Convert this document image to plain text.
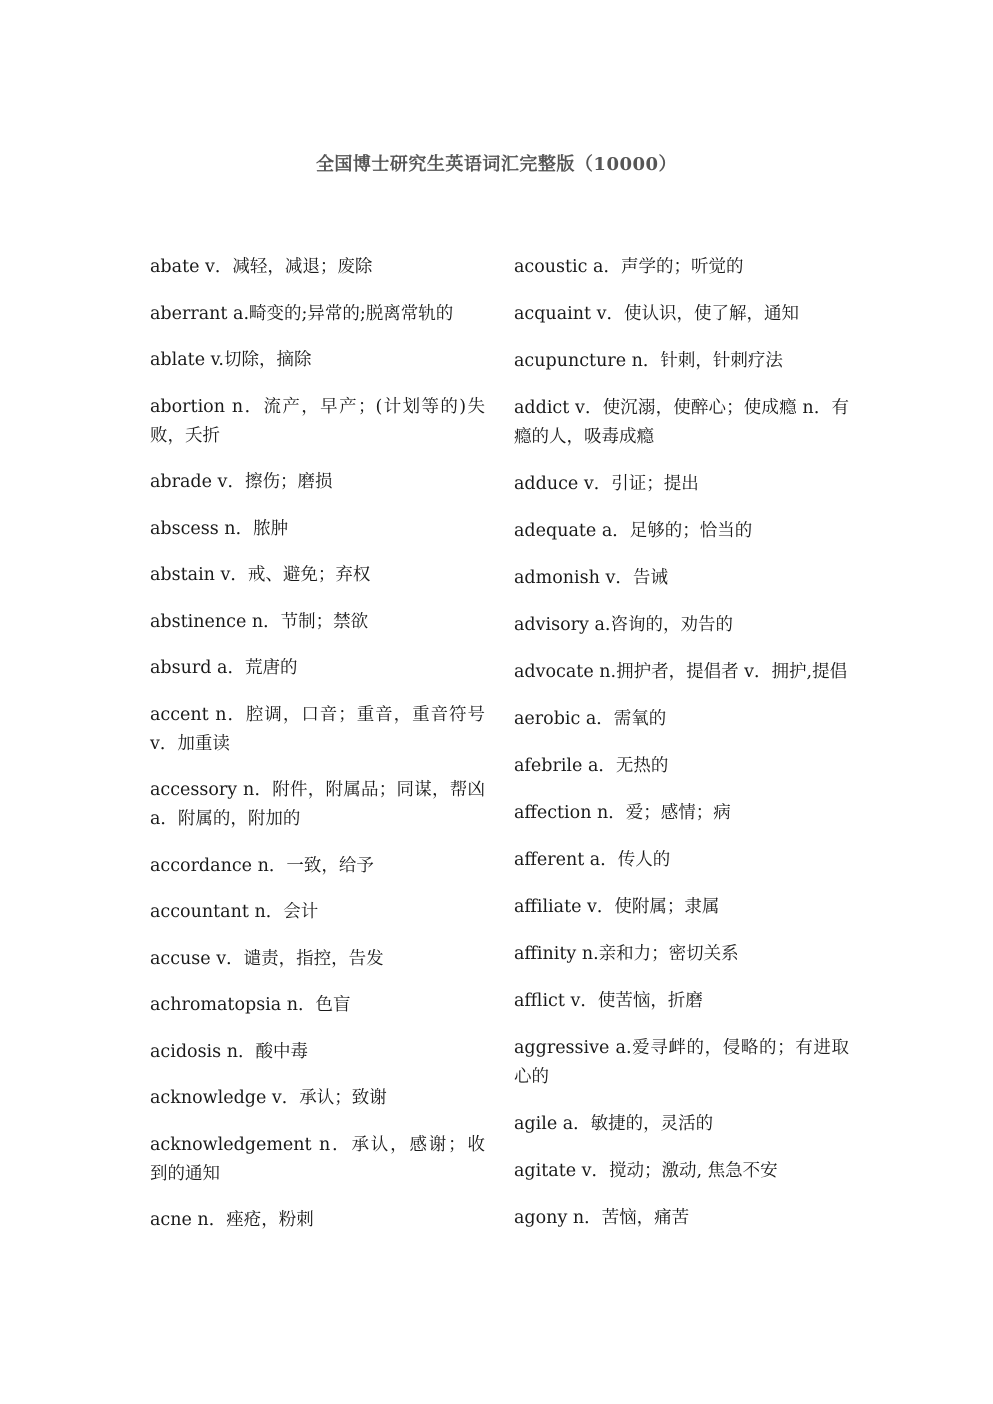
全国博士研究生英语词汇完整版（10000）

abate v．减轻，减退；废除

aberrant a.畸变的;异常的;脱离常轨的

ablate v.切除，摘除

abortion n．流产，早产；(计划等的)失败，夭折

abrade v．擦伤；磨损

abscess n．脓肿

abstain v．戒、避免；弃权

abstinence n．节制；禁欲

absurd a．荒唐的

accent n．腔调，口音；重音，重音符号 v．加重读

accessory n．附件，附属品；同谋，帮凶 a．附属的，附加的

accordance n．一致，给予

accountant n．会计

accuse v．谴责，指控，告发

achromatopsia n．色盲

acidosis n．酸中毒

acknowledge v．承认；致谢

acknowledgement n．承认，感谢；收到的通知

acne n．痤疮，粉刺

acoustic a．声学的；听觉的

acquaint v．使认识，使了解，通知

acupuncture n．针刺，针刺疗法

addict v．使沉溺，使醉心；使成瘾 n．有瘾的人，吸毒成瘾

adduce v．引证；提出

adequate a．足够的；恰当的

admonish v．告诫

advisory a.咨询的，劝告的

advocate n.拥护者，提倡者 v．拥护,提倡

aerobic a．需氧的

afebrile a．无热的

affection n．爱；感情；病

afferent a．传人的

affiliate v．使附属；隶属

affinity n.亲和力；密切关系

afflict v．使苦恼，折磨

aggressive a.爱寻衅的，侵略的；有进取心的

agile a．敏捷的，灵活的

agitate v．搅动；激动, 焦急不安

agony n．苦恼，痛苦
